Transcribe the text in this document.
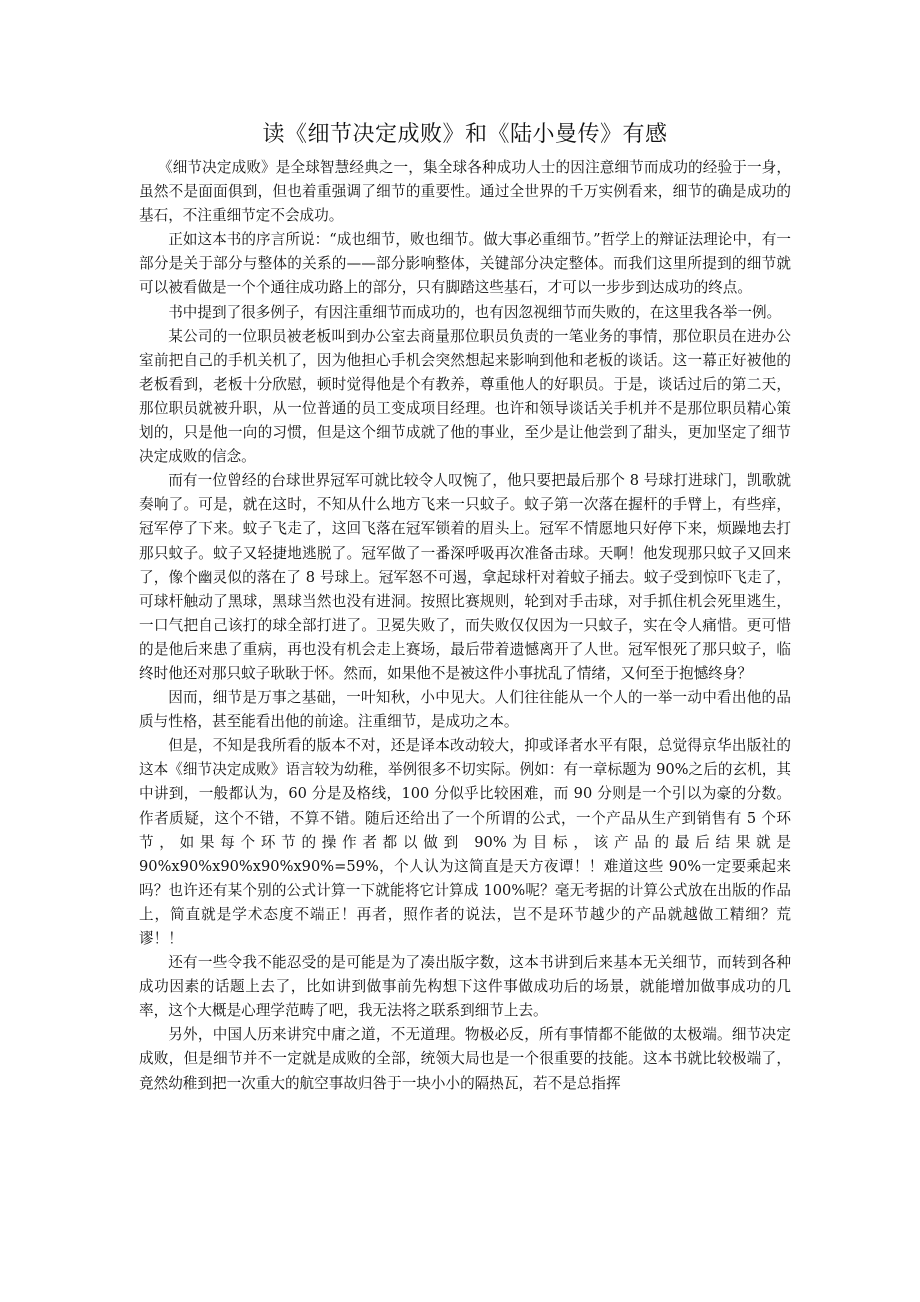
读《细节决定成败》和《陆小曼传》有感

《细节决定成败》是全球智慧经典之一，集全球各种成功人士的因注意细节而成功的经验于一身，虽然不是面面俱到，但也着重强调了细节的重要性。通过全世界的千万实例看来，细节的确是成功的基石，不注重细节定不会成功。

正如这本书的序言所说：“成也细节，败也细节。做大事必重细节。”哲学上的辩证法理论中，有一部分是关于部分与整体的关系的——部分影响整体，关键部分决定整体。而我们这里所提到的细节就可以被看做是一个个通往成功路上的部分，只有脚踏这些基石，才可以一步步到达成功的终点。

书中提到了很多例子，有因注重细节而成功的，也有因忽视细节而失败的，在这里我各举一例。

某公司的一位职员被老板叫到办公室去商量那位职员负责的一笔业务的事情，那位职员在进办公室前把自己的手机关机了，因为他担心手机会突然想起来影响到他和老板的谈话。这一幕正好被他的老板看到，老板十分欣慰，顿时觉得他是个有教养，尊重他人的好职员。于是，谈话过后的第二天，那位职员就被升职，从一位普通的员工变成项目经理。也许和领导谈话关手机并不是那位职员精心策划的，只是他一向的习惯，但是这个细节成就了他的事业，至少是让他尝到了甜头，更加坚定了细节决定成败的信念。

而有一位曾经的台球世界冠军可就比较令人叹惋了，他只要把最后那个 8 号球打进球门，凯歌就奏响了。可是，就在这时，不知从什么地方飞来一只蚊子。蚊子第一次落在握杆的手臂上，有些痒，冠军停了下来。蚊子飞走了，这回飞落在冠军锁着的眉头上。冠军不情愿地只好停下来，烦躁地去打那只蚊子。蚊子又轻捷地逃脱了。冠军做了一番深呼吸再次准备击球。天啊！他发现那只蚊子又回来了，像个幽灵似的落在了 8 号球上。冠军怒不可遏，拿起球杆对着蚊子捅去。蚊子受到惊吓飞走了，可球杆触动了黑球，黑球当然也没有进洞。按照比赛规则，轮到对手击球，对手抓住机会死里逃生，一口气把自己该打的球全部打进了。卫冕失败了，而失败仅仅因为一只蚊子，实在令人痛惜。更可惜的是他后来患了重病，再也没有机会走上赛场，最后带着遗憾离开了人世。冠军恨死了那只蚊子，临终时他还对那只蚊子耿耿于怀。然而，如果他不是被这件小事扰乱了情绪，又何至于抱憾终身？

因而，细节是万事之基础，一叶知秋，小中见大。人们往往能从一个人的一举一动中看出他的品质与性格，甚至能看出他的前途。注重细节，是成功之本。

但是，不知是我所看的版本不对，还是译本改动较大，抑或译者水平有限，总觉得京华出版社的这本《细节决定成败》语言较为幼稚，举例很多不切实际。例如：有一章标题为 90%之后的玄机，其中讲到，一般都认为，60 分是及格线，100 分似乎比较困难，而 90 分则是一个引以为豪的分数。作者质疑，这个不错，不算不错。随后还给出了一个所谓的公式，一个产品从生产到销售有 5 个环节，如果每个环节的操作者都以做到 90%为目标，该产品的最后结果就是 90%x90%x90%x90%x90%=59%，个人认为这简直是天方夜谭！！难道这些 90%一定要乘起来吗？也许还有某个别的公式计算一下就能将它计算成 100%呢？毫无考据的计算公式放在出版的作品上，简直就是学术态度不端正！再者，照作者的说法，岂不是环节越少的产品就越做工精细？荒谬！！

还有一些令我不能忍受的是可能是为了凑出版字数，这本书讲到后来基本无关细节，而转到各种成功因素的话题上去了，比如讲到做事前先构想下这件事做成功后的场景，就能增加做事成功的几率，这个大概是心理学范畴了吧，我无法将之联系到细节上去。

另外，中国人历来讲究中庸之道，不无道理。物极必反，所有事情都不能做的太极端。细节决定成败，但是细节并不一定就是成败的全部，统领大局也是一个很重要的技能。这本书就比较极端了，竟然幼稚到把一次重大的航空事故归咎于一块小小的隔热瓦，若不是总指挥
